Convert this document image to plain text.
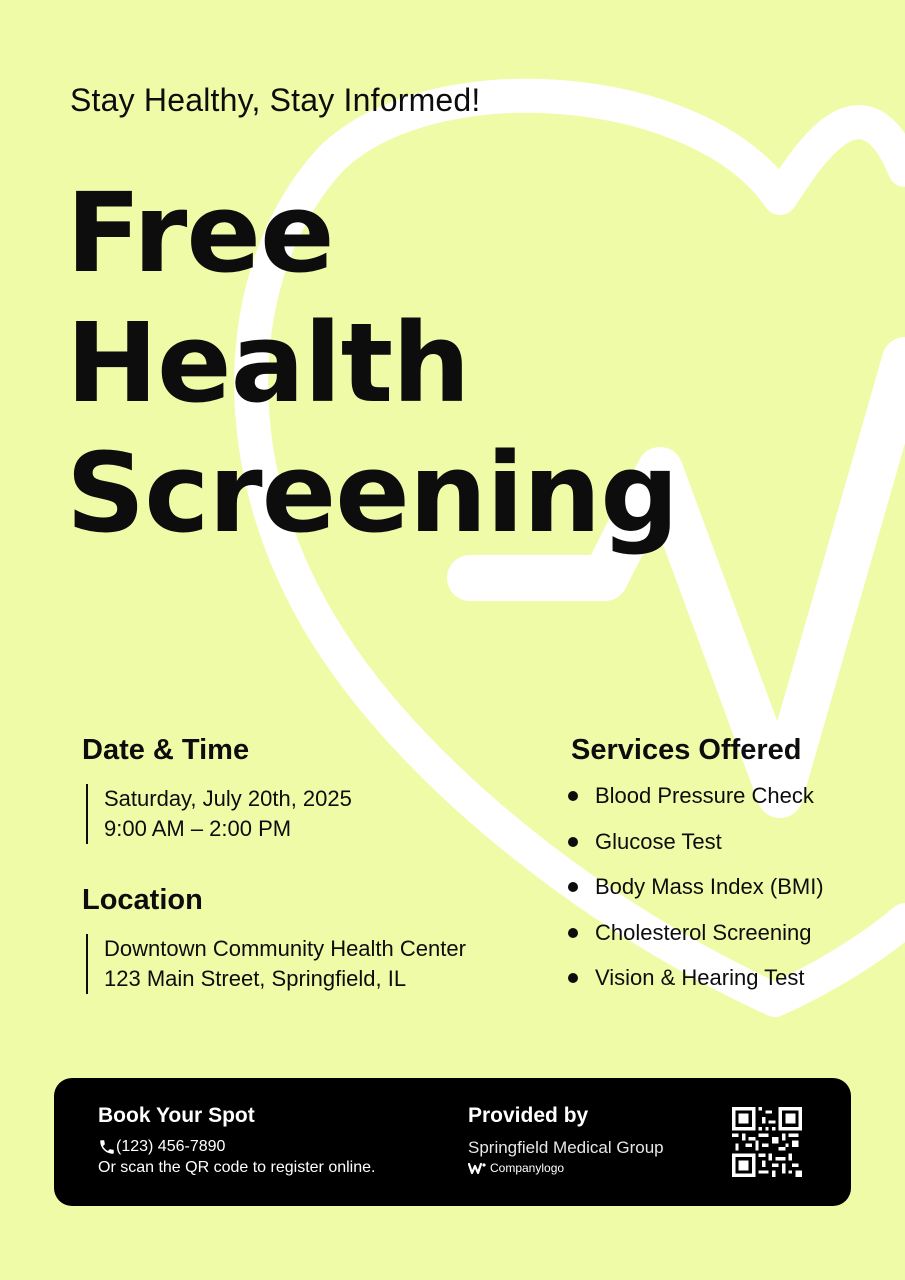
Stay Healthy, Stay Informed!
Free
Health
Screening
Date & Time
Saturday, July 20th, 2025
9:00 AM – 2:00 PM
Location
Downtown Community Health Center
123 Main Street, Springfield, IL
Services Offered
Blood Pressure Check
Glucose Test
Body Mass Index (BMI)
Cholesterol Screening
Vision & Hearing Test
Book Your Spot
(123) 456-7890
Or scan the QR code to register online.
Provided by
Springfield Medical Group
Companylogo
